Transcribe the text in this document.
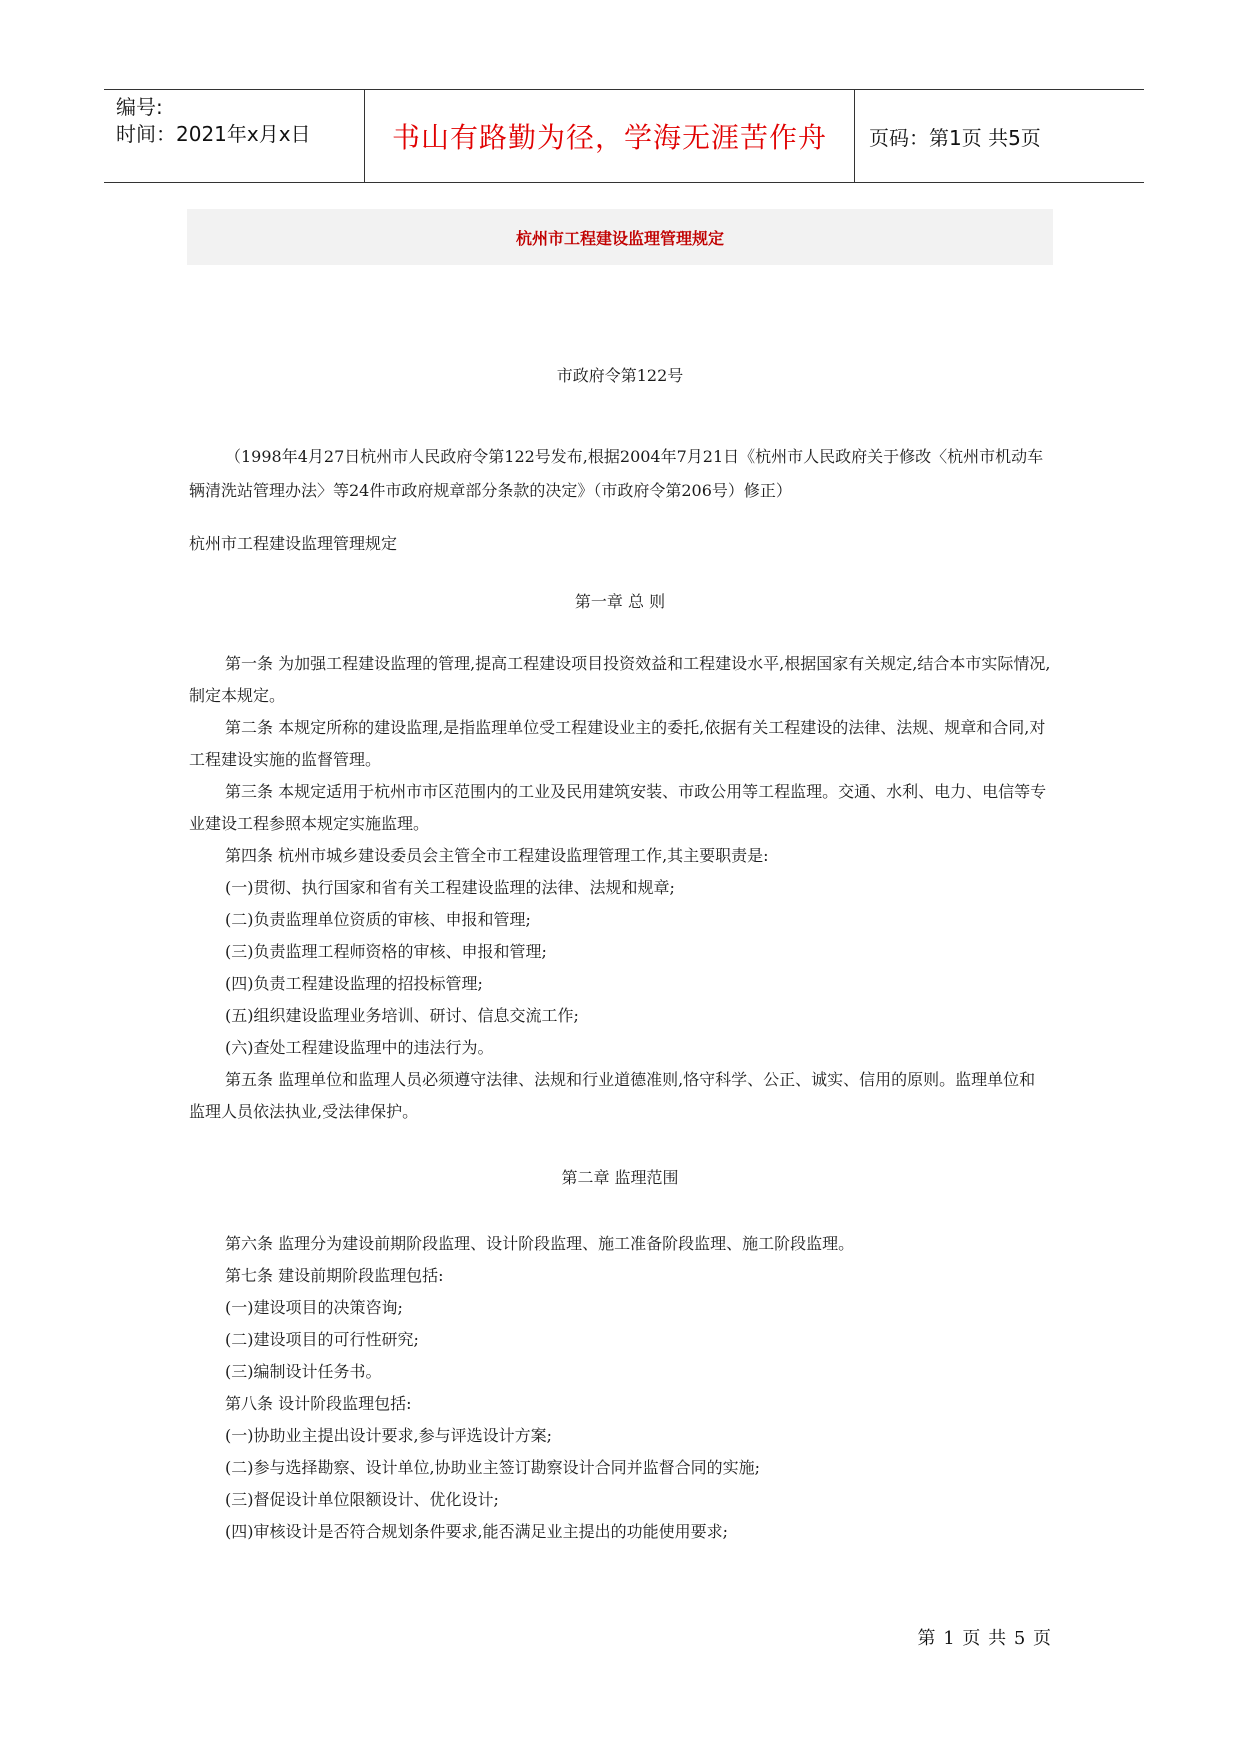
编号:
时间：2021年x月x日	书山有路勤为径，学海无涯苦作舟	页码：第1页 共5页
杭州市工程建设监理管理规定
市政府令第122号
（1998年4月27日杭州市人民政府令第122号发布,根据2004年7月21日《杭州市人民政府关于修改〈杭州市机动车辆清洗站管理办法〉等24件市政府规章部分条款的决定》（市政府令第206号）修正）
杭州市工程建设监理管理规定
第一章 总 则
第一条 为加强工程建设监理的管理,提高工程建设项目投资效益和工程建设水平,根据国家有关规定,结合本市实际情况,制定本规定。
第二条 本规定所称的建设监理,是指监理单位受工程建设业主的委托,依据有关工程建设的法律、法规、规章和合同,对工程建设实施的监督管理。
第三条 本规定适用于杭州市市区范围内的工业及民用建筑安装、市政公用等工程监理。交通、水利、电力、电信等专业建设工程参照本规定实施监理。
第四条 杭州市城乡建设委员会主管全市工程建设监理管理工作,其主要职责是:
(一)贯彻、执行国家和省有关工程建设监理的法律、法规和规章;
(二)负责监理单位资质的审核、申报和管理;
(三)负责监理工程师资格的审核、申报和管理;
(四)负责工程建设监理的招投标管理;
(五)组织建设监理业务培训、研讨、信息交流工作;
(六)查处工程建设监理中的违法行为。
第五条 监理单位和监理人员必须遵守法律、法规和行业道德准则,恪守科学、公正、诚实、信用的原则。监理单位和监理人员依法执业,受法律保护。
第二章 监理范围
第六条 监理分为建设前期阶段监理、设计阶段监理、施工准备阶段监理、施工阶段监理。
第七条 建设前期阶段监理包括:
(一)建设项目的决策咨询;
(二)建设项目的可行性研究;
(三)编制设计任务书。
第八条 设计阶段监理包括:
(一)协助业主提出设计要求,参与评选设计方案;
(二)参与选择勘察、设计单位,协助业主签订勘察设计合同并监督合同的实施;
(三)督促设计单位限额设计、优化设计;
(四)审核设计是否符合规划条件要求,能否满足业主提出的功能使用要求;
第 1 页 共 5 页
